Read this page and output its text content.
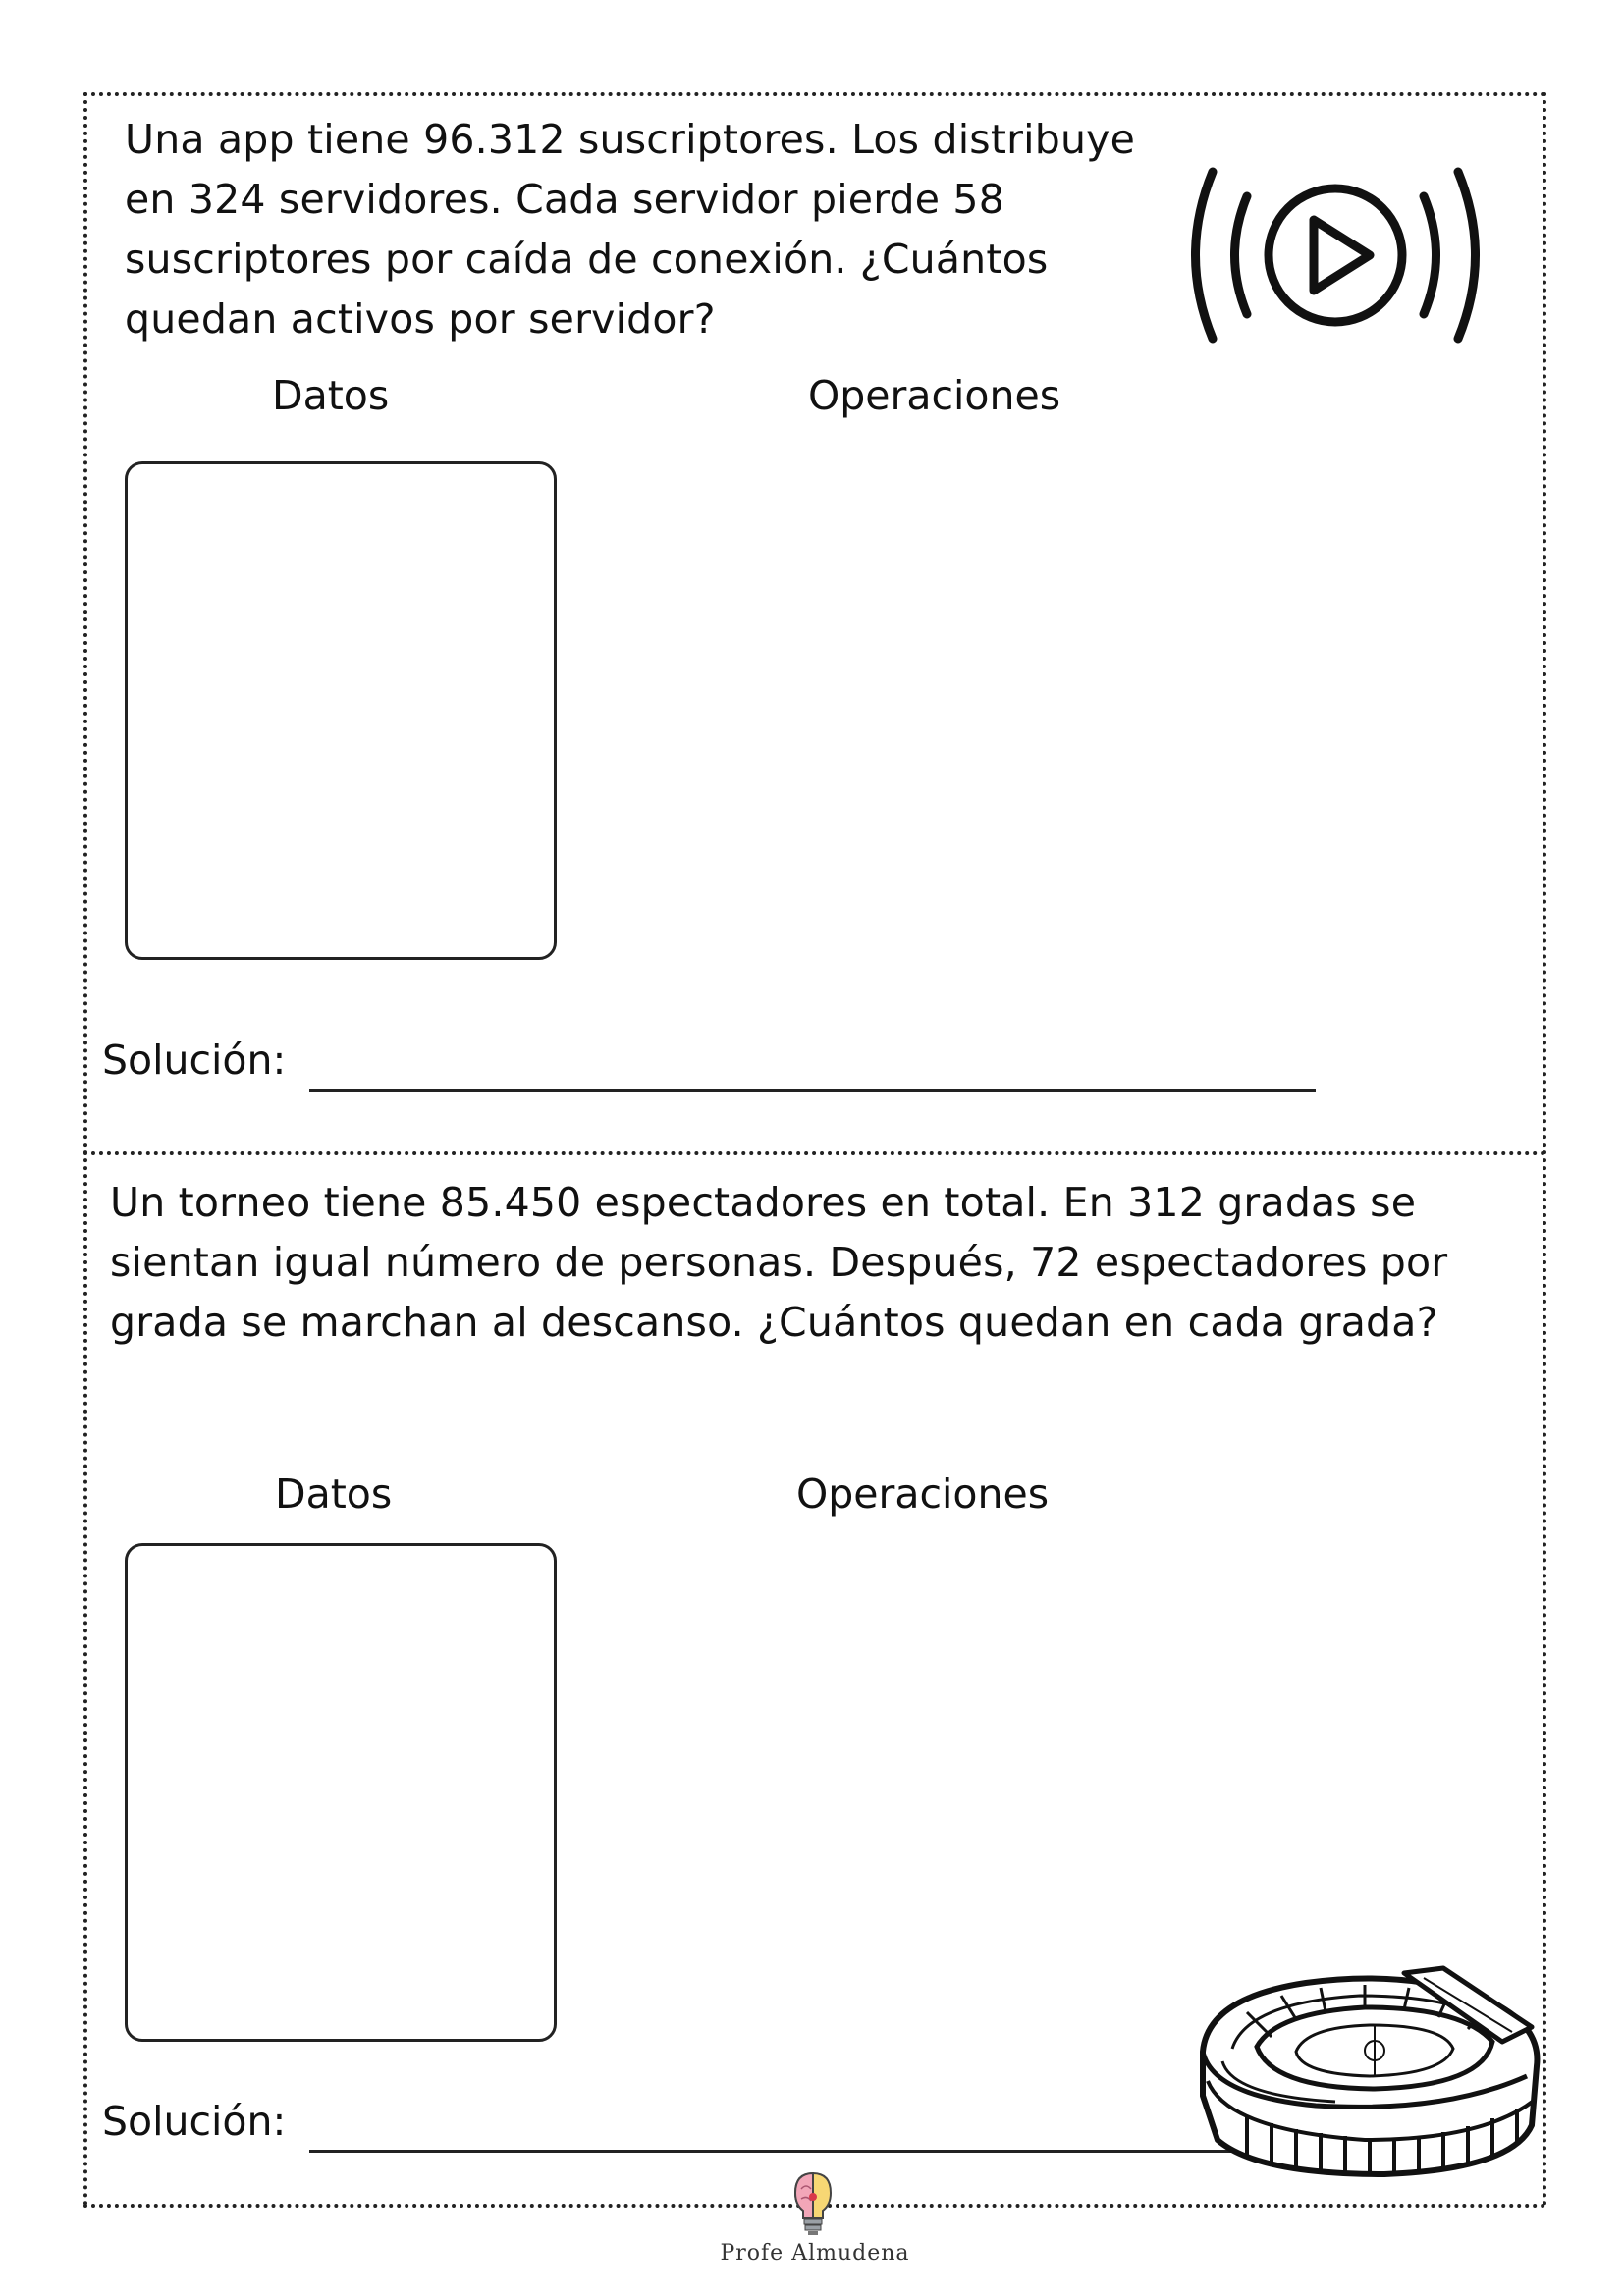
Una app tiene 96.312 suscriptores. Los distribuye en 324 servidores. Cada servidor pierde 58 suscriptores por caída de conexión. ¿Cuántos quedan activos por servidor?

Datos	Operaciones
Solución:

Un torneo tiene 85.450 espectadores en total. En 312 gradas se sientan igual número de personas. Después, 72 espectadores por grada se marchan al descanso. ¿Cuántos quedan en cada grada?

Datos	Operaciones
Solución:
Profe Almudena
